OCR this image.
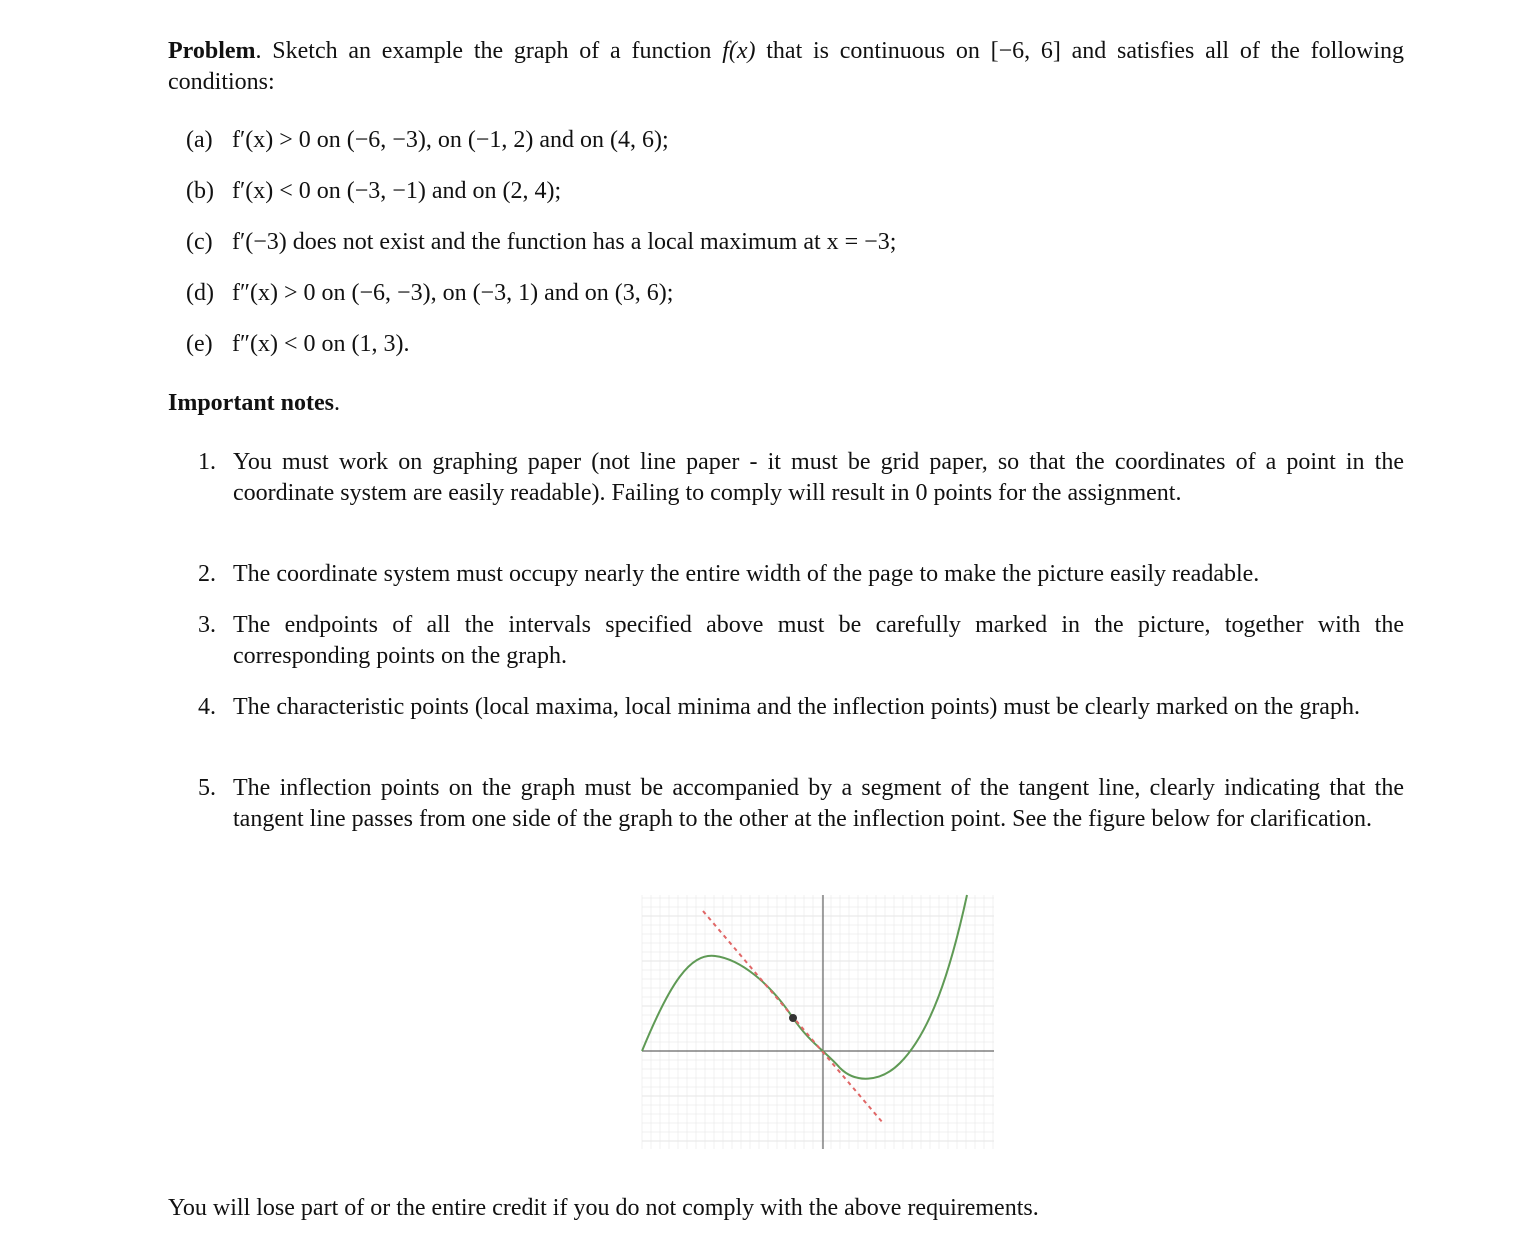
Problem. Sketch an example the graph of a function f(x) that is continuous on [−6, 6] and satisfies all of the following conditions:
(a) f′(x) > 0 on (−6, −3), on (−1, 2) and on (4, 6);
(b) f′(x) < 0 on (−3, −1) and on (2, 4);
(c) f′(−3) does not exist and the function has a local maximum at x = −3;
(d) f″(x) > 0 on (−6, −3), on (−3, 1) and on (3, 6);
(e) f″(x) < 0 on (1, 3).
Important notes.
1. You must work on graphing paper (not line paper - it must be grid paper, so that the coordinates of a point in the coordinate system are easily readable). Failing to comply will result in 0 points for the assignment.
2. The coordinate system must occupy nearly the entire width of the page to make the picture easily readable.
3. The endpoints of all the intervals specified above must be carefully marked in the picture, together with the corresponding points on the graph.
4. The characteristic points (local maxima, local minima and the inflection points) must be clearly marked on the graph.
5. The inflection points on the graph must be accompanied by a segment of the tangent line, clearly indicating that the tangent line passes from one side of the graph to the other at the inflection point. See the figure below for clarification.
You will lose part of or the entire credit if you do not comply with the above requirements.
